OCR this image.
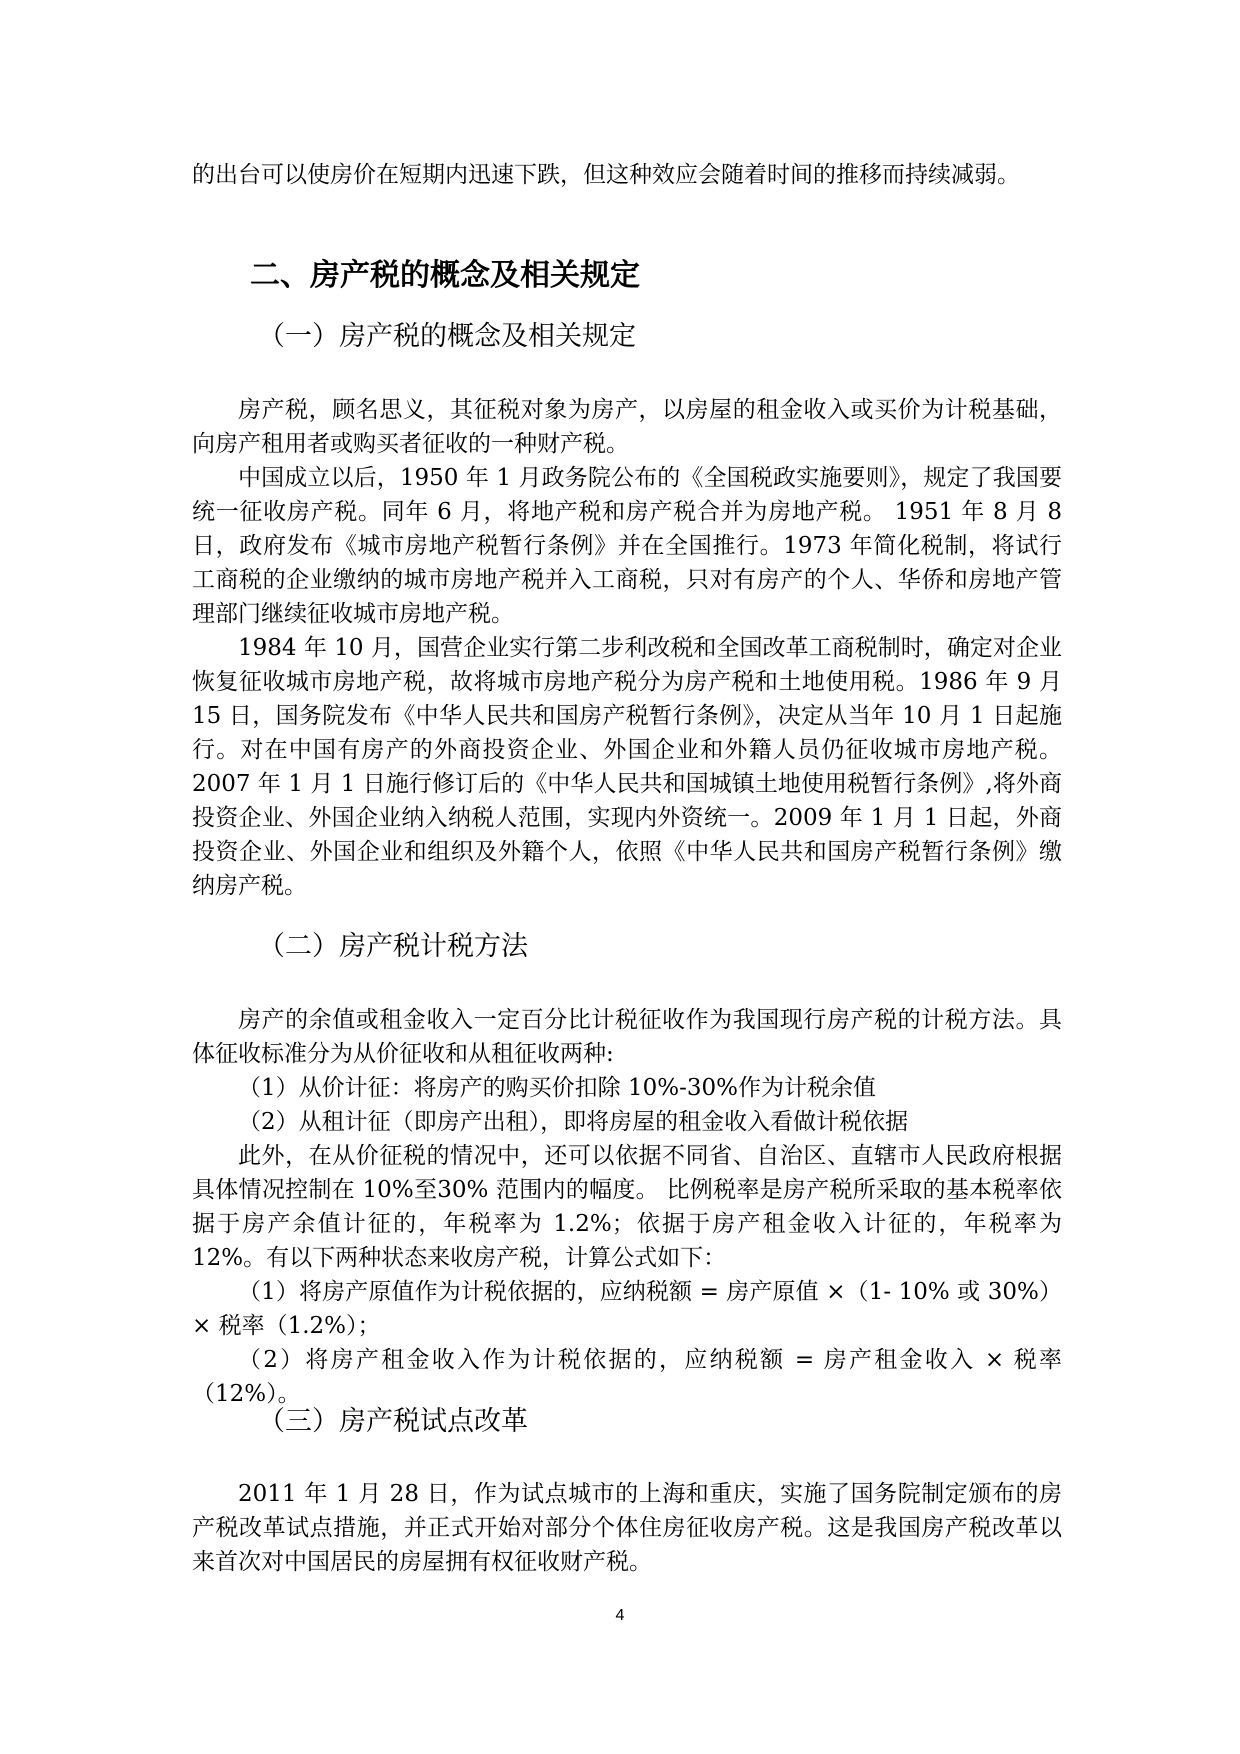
的出台可以使房价在短期内迅速下跌，但这种效应会随着时间的推移而持续减弱。

二、房产税的概念及相关规定
（一）房产税的概念及相关规定

房产税，顾名思义，其征税对象为房产，以房屋的租金收入或买价为计税基础，向房产租用者或购买者征收的一种财产税。

中国成立以后，1950 年 1 月政务院公布的《全国税政实施要则》，规定了我国要统一征收房产税。同年 6 月，将地产税和房产税合并为房地产税。 1951 年 8 月 8 日，政府发布《城市房地产税暂行条例》并在全国推行。1973 年简化税制，将试行工商税的企业缴纳的城市房地产税并入工商税，只对有房产的个人、华侨和房地产管理部门继续征收城市房地产税。

1984 年 10 月，国营企业实行第二步利改税和全国改革工商税制时，确定对企业恢复征收城市房地产税，故将城市房地产税分为房产税和土地使用税。1986 年 9 月 15 日，国务院发布《中华人民共和国房产税暂行条例》，决定从当年 10 月 1 日起施行。对在中国有房产的外商投资企业、外国企业和外籍人员仍征收城市房地产税。2007 年 1 月 1 日施行修订后的《中华人民共和国城镇土地使用税暂行条例》,将外商投资企业、外国企业纳入纳税人范围，实现内外资统一。2009 年 1 月 1 日起，外商投资企业、外国企业和组织及外籍个人，依照《中华人民共和国房产税暂行条例》缴纳房产税。

（二）房产税计税方法

房产的余值或租金收入一定百分比计税征收作为我国现行房产税的计税方法。具体征收标准分为从价征收和从租征收两种:

（1）从价计征：将房产的购买价扣除 10%-30%作为计税余值

（2）从租计征（即房产出租），即将房屋的租金收入看做计税依据

此外，在从价征税的情况中，还可以依据不同省、自治区、直辖市人民政府根据具体情况控制在 10%至30% 范围内的幅度。 比例税率是房产税所采取的基本税率依据于房产余值计征的，年税率为 1.2%；依据于房产租金收入计征的，年税率为 12%。有以下两种状态来收房产税，计算公式如下：

（1）将房产原值作为计税依据的，应纳税额 = 房产原值 ×（1- 10% 或 30%）× 税率（1.2%）；

（2）将房产租金收入作为计税依据的，应纳税额 = 房产租金收入 × 税率（12%）。

（三）房产税试点改革

2011 年 1 月 28 日，作为试点城市的上海和重庆，实施了国务院制定颁布的房产税改革试点措施，并正式开始对部分个体住房征收房产税。这是我国房产税改革以来首次对中国居民的房屋拥有权征收财产税。

4
